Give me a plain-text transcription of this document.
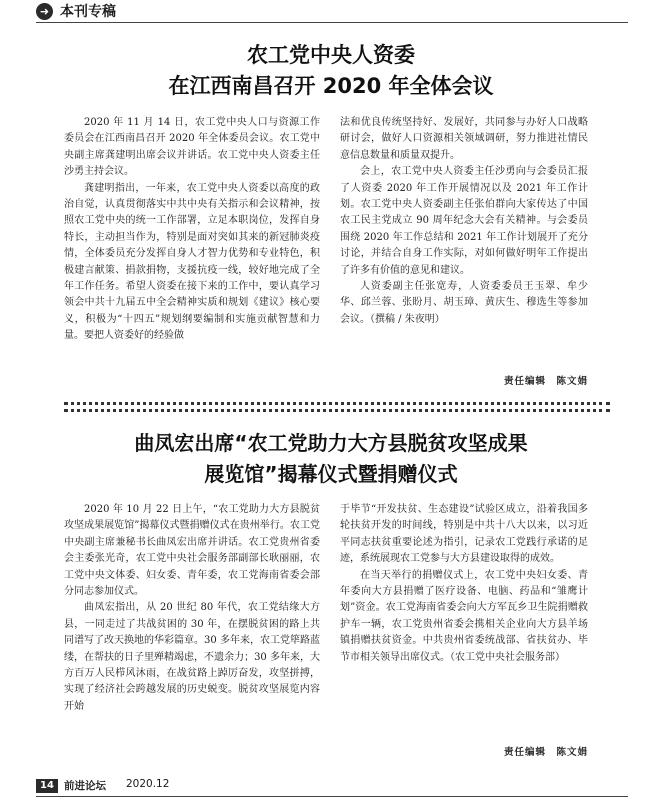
➜ 本刊专稿
农工党中央人资委
在江西南昌召开 2020 年全体会议

2020 年 11 月 14 日，农工党中央人口与资源工作委员会在江西南昌召开 2020 年全体委员会议。农工党中央副主席龚建明出席会议并讲话。农工党中央人资委主任沙勇主持会议。

龚建明指出，一年来，农工党中央人资委以高度的政治自觉，认真贯彻落实中共中央有关指示和会议精神，按照农工党中央的统一工作部署，立足本职岗位，发挥自身特长，主动担当作为，特别是面对突如其来的新冠肺炎疫情，全体委员充分发挥自身人才智力优势和专业特色，积极建言献策、捐款捐物，支援抗疫一线，较好地完成了全年工作任务。希望人资委在接下来的工作中，要认真学习领会中共十九届五中全会精神实质和规划《建议》核心要义，积极为“十四五”规划纲要编制和实施贡献智慧和力量。要把人资委好的经验做

法和优良传统坚持好、发展好，共同参与办好人口战略研讨会，做好人口资源相关领域调研，努力推进社情民意信息数量和质量双提升。

会上，农工党中央人资委主任沙勇向与会委员汇报了人资委 2020 年工作开展情况以及 2021 年工作计划。农工党中央人资委副主任张伯群向大家传达了中国农工民主党成立 90 周年纪念大会有关精神。与会委员围绕 2020 年工作总结和 2021 年工作计划展开了充分讨论，并结合自身工作实际，对如何做好明年工作提出了许多有价值的意见和建议。

人资委副主任张宽寿，人资委委员王玉翠、牟少华、邱兰蓉、张盼月、胡玉璋、黄庆生、穆选生等参加会议。（撰稿 / 朱夜明）

责任编辑　陈文娟
曲凤宏出席“农工党助力大方县脱贫攻坚成果
展览馆”揭幕仪式暨捐赠仪式

2020 年 10 月 22 日上午，“农工党助力大方县脱贫攻坚成果展览馆”揭幕仪式暨捐赠仪式在贵州举行。农工党中央副主席兼秘书长曲凤宏出席并讲话。农工党贵州省委会主委张光奇，农工党中央社会服务部副部长耿丽丽，农工党中央文体委、妇女委、青年委，农工党海南省委会部分同志参加仪式。

曲凤宏指出，从 20 世纪 80 年代，农工党结缘大方县，一同走过了共战贫困的 30 年，在摆脱贫困的路上共同谱写了改天换地的华彩篇章。30 多年来，农工党筚路蓝缕，在帮扶的日子里殚精竭虑，不遗余力；30 多年来，大方百万人民栉风沐雨，在战贫路上踔厉奋发，攻坚拼搏，实现了经济社会跨越发展的历史蜕变。脱贫攻坚展览内容开始

于毕节“开发扶贫、生态建设”试验区成立，沿着我国多轮扶贫开发的时间线，特别是中共十八大以来，以习近平同志扶贫重要论述为指引，记录农工党践行承诺的足迹，系统展现农工党参与大方县建设取得的成效。

在当天举行的捐赠仪式上，农工党中央妇女委、青年委向大方县捐赠了医疗设备、电脑、药品和“雏鹰计划”资金。农工党海南省委会向大方军瓦乡卫生院捐赠救护车一辆，农工党贵州省委会携相关企业向大方县羊场镇捐赠扶贫资金。中共贵州省委统战部、省扶贫办、毕节市相关领导出席仪式。（农工党中央社会服务部）

责任编辑　陈文娟
14 前进论坛 2020.12
